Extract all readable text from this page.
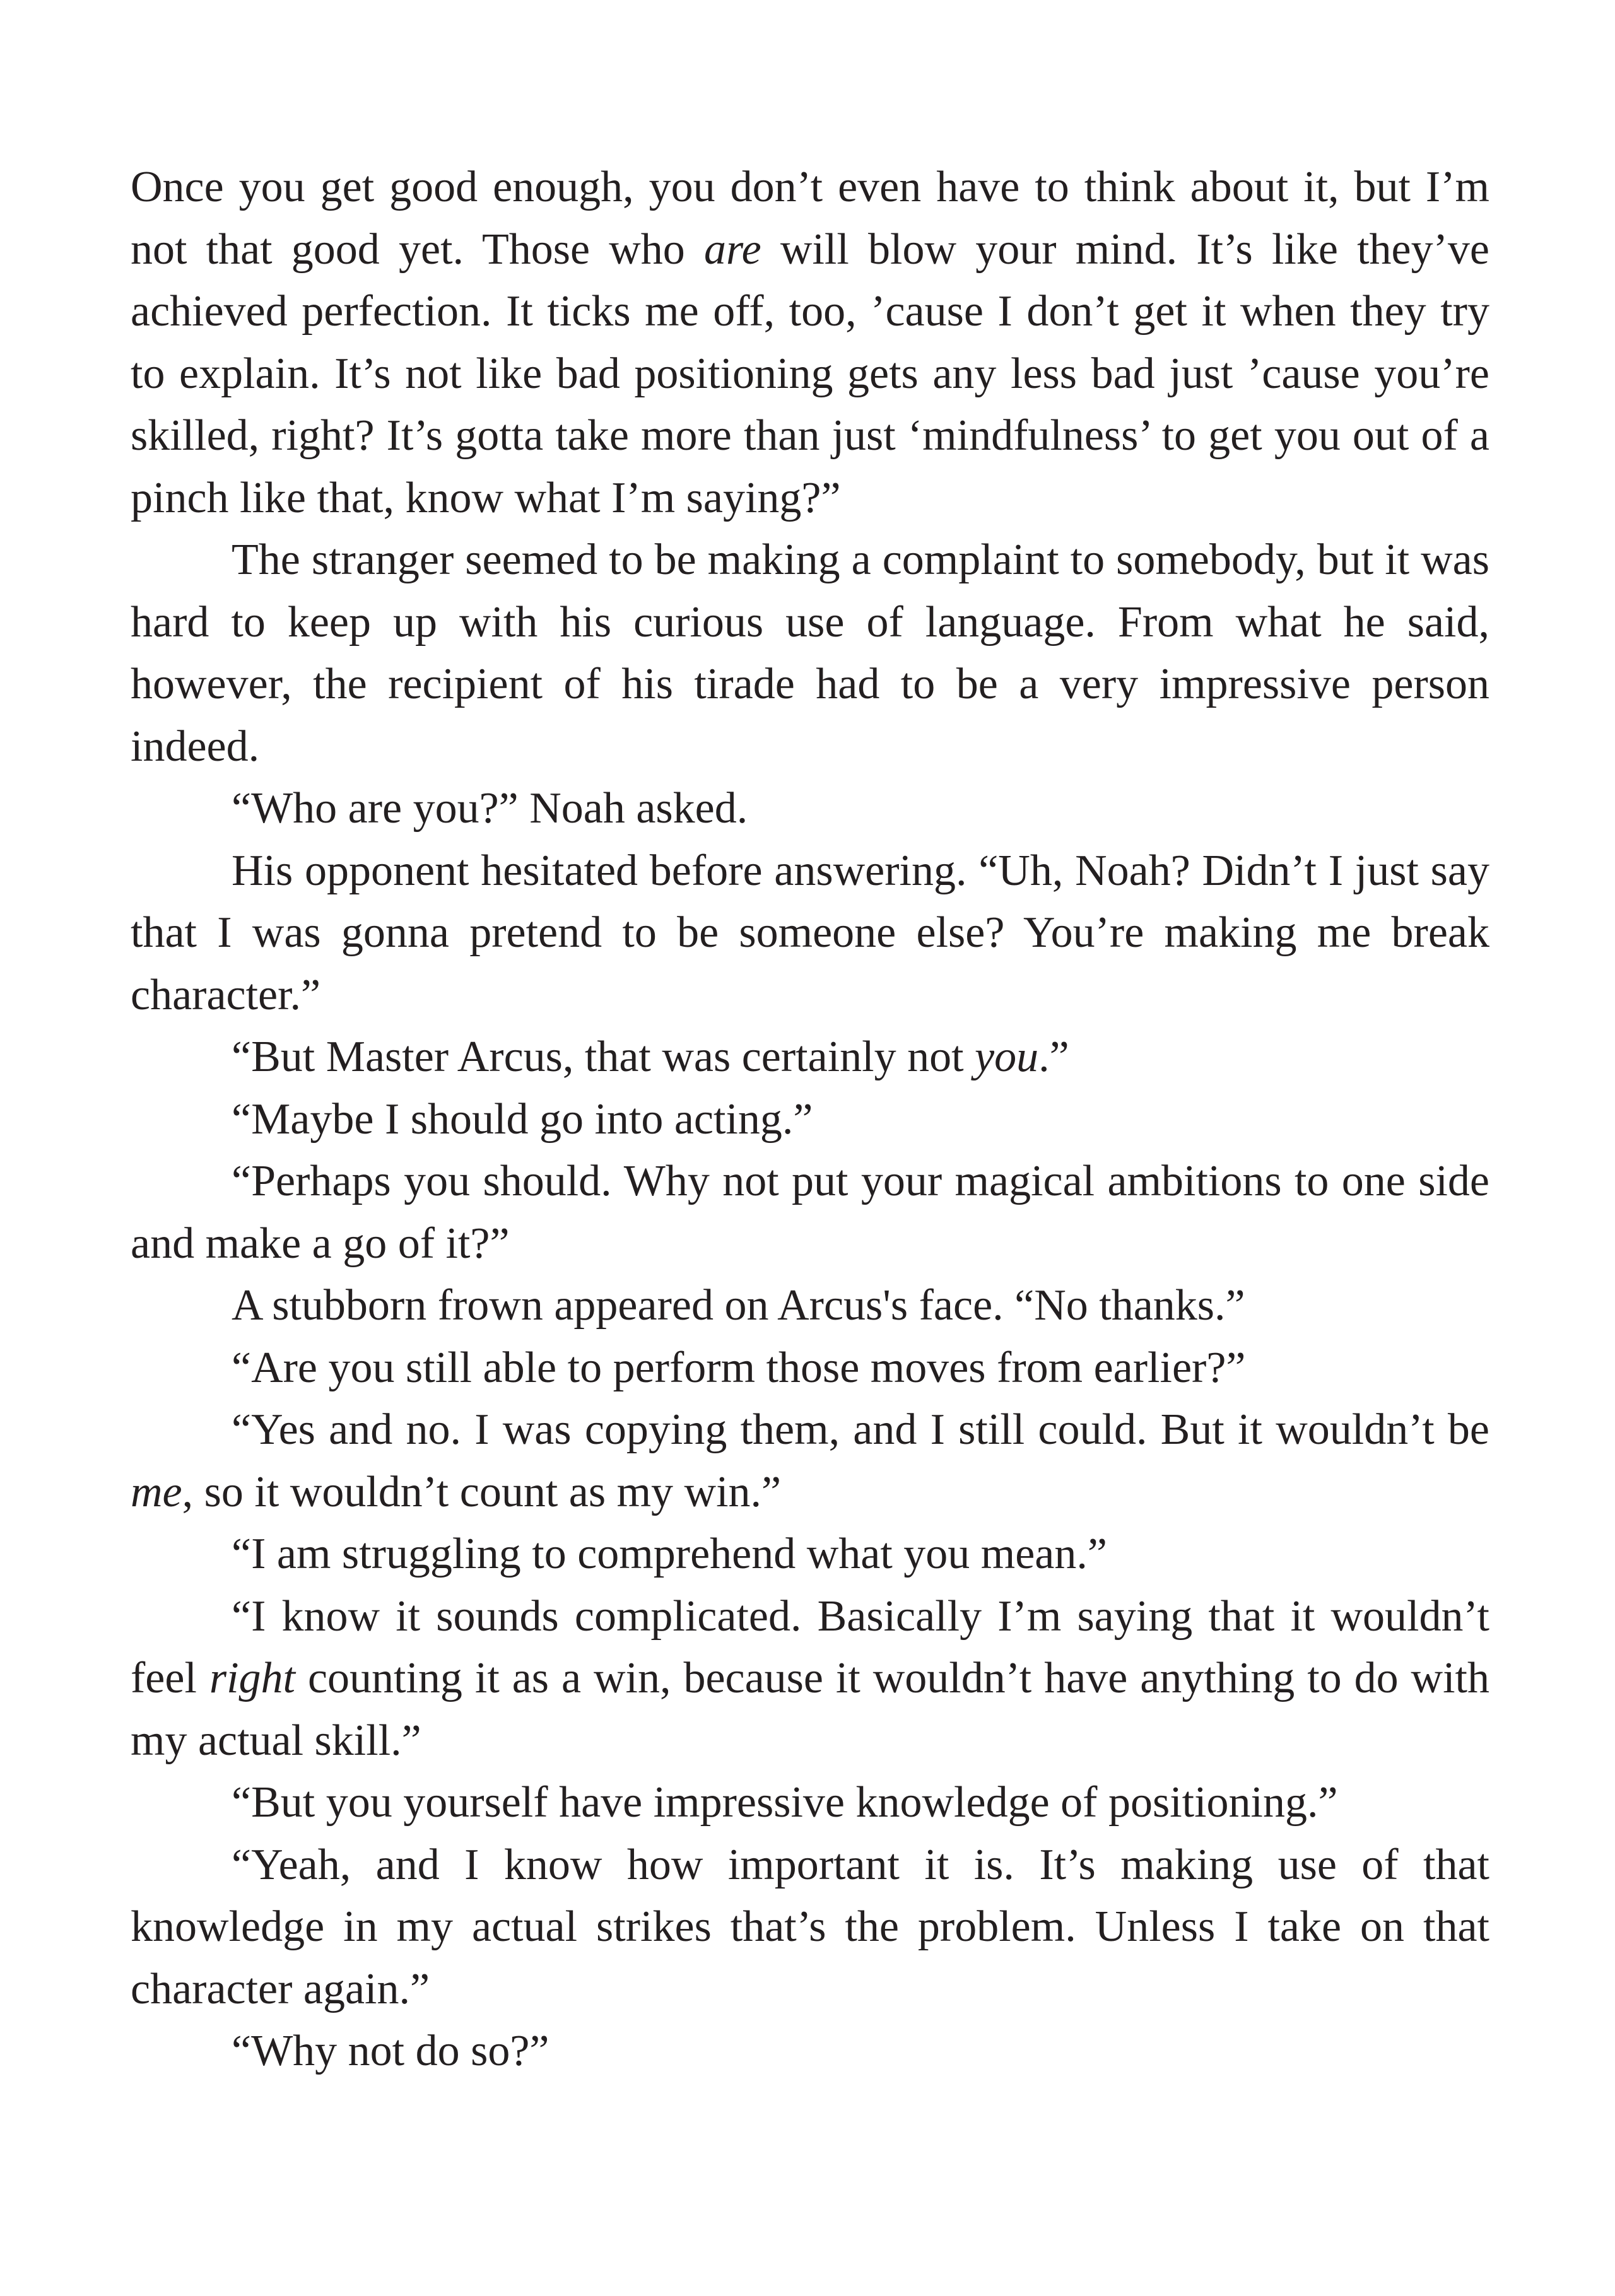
Once you get good enough, you don’t even have to think about it, but I’m not that good yet. Those who are will blow your mind. It’s like they’ve achieved perfection. It ticks me off, too, ’cause I don’t get it when they try to explain. It’s not like bad positioning gets any less bad just ’cause you’re skilled, right? It’s gotta take more than just ‘mindfulness’ to get you out of a pinch like that, know what I’m saying?”

The stranger seemed to be making a complaint to somebody, but it was hard to keep up with his curious use of language. From what he said, however, the recipient of his tirade had to be a very impressive person indeed.

“Who are you?” Noah asked.

His opponent hesitated before answering. “Uh, Noah? Didn’t I just say that I was gonna pretend to be someone else? You’re making me break character.”

“But Master Arcus, that was certainly not you.”

“Maybe I should go into acting.”

“Perhaps you should. Why not put your magical ambitions to one side and make a go of it?”

A stubborn frown appeared on Arcus's face. “No thanks.”

“Are you still able to perform those moves from earlier?”

“Yes and no. I was copying them, and I still could. But it wouldn’t be me, so it wouldn’t count as my win.”

“I am struggling to comprehend what you mean.”

“I know it sounds complicated. Basically I’m saying that it wouldn’t feel right counting it as a win, because it wouldn’t have anything to do with my actual skill.”

“But you yourself have impressive knowledge of positioning.”

“Yeah, and I know how important it is. It’s making use of that knowledge in my actual strikes that’s the problem. Unless I take on that character again.”

“Why not do so?”
